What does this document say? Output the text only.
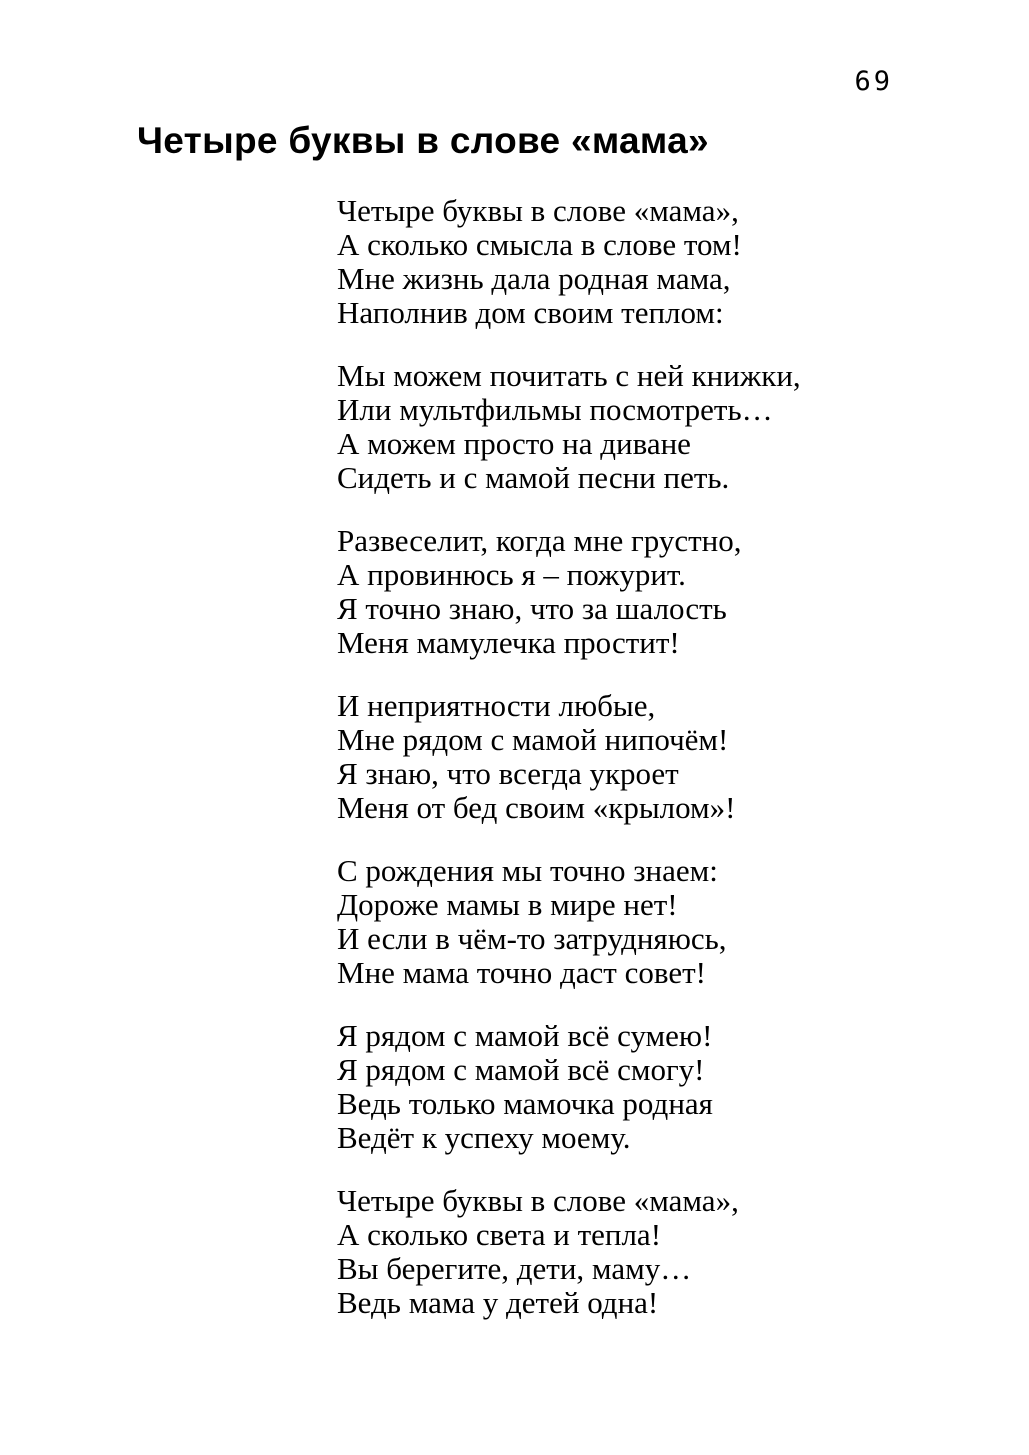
69
Четыре буквы в слове «мама»

Четыре буквы в слове «мама»,

А сколько смысла в слове том!

Мне жизнь дала родная мама,

Наполнив дом своим теплом:

Мы можем почитать с ней книжки,

Или мультфильмы посмотреть…

А можем просто на диване

Сидеть и с мамой песни петь.

Развеселит, когда мне грустно,

А провинюсь я – пожурит.

Я точно знаю, что за шалость

Меня мамулечка простит!

И неприятности любые,

Мне рядом с мамой нипочём!

Я знаю, что всегда укроет

Меня от бед своим «крылом»!

С рождения мы точно знаем:

Дороже мамы в мире нет!

И если в чём-то затрудняюсь,

Мне мама точно даст совет!

Я рядом с мамой всё сумею!

Я рядом с мамой всё смогу!

Ведь только мамочка родная

Ведёт к успеху моему.

Четыре буквы в слове «мама»,

А сколько света и тепла!

Вы берегите, дети, маму…

Ведь мама у детей одна!
